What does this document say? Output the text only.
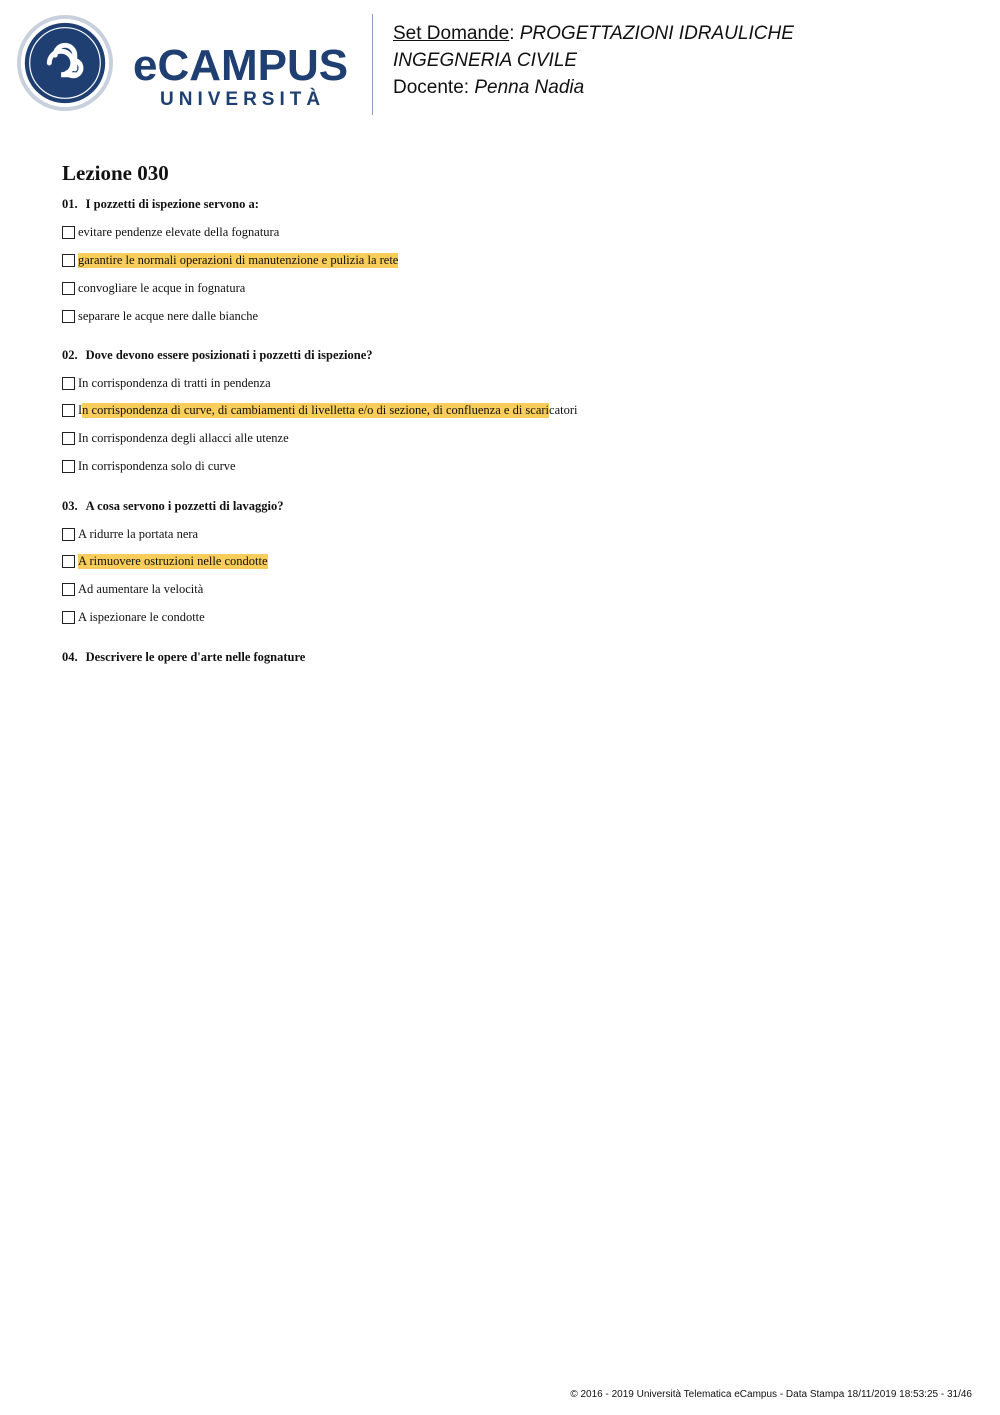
eCAMPUS
UNIVERSITÀ
Set Domande: PROGETTAZIONI IDRAULICHE
INGEGNERIA CIVILE
Docente: Penna Nadia
Lezione 030
01. I pozzetti di ispezione servono a:
evitare pendenze elevate della fognatura
garantire le normali operazioni di manutenzione e pulizia la rete
convogliare le acque in fognatura
separare le acque nere dalle bianche
02. Dove devono essere posizionati i pozzetti di ispezione?
In corrispondenza di tratti in pendenza
I n corrispondenza di curve, di cambiamenti di livelletta e/o di sezione, di confluenza e di scari catori
In corrispondenza degli allacci alle utenze
In corrispondenza solo di curve
03. A cosa servono i pozzetti di lavaggio?
A ridurre la portata nera
A rimuovere ostruzioni nelle condotte
Ad aumentare la velocità
A ispezionare le condotte
04. Descrivere le opere d'arte nelle fognature
© 2016 - 2019 Università Telematica eCampus - Data Stampa 18/11/2019 18:53:25 - 31/46
